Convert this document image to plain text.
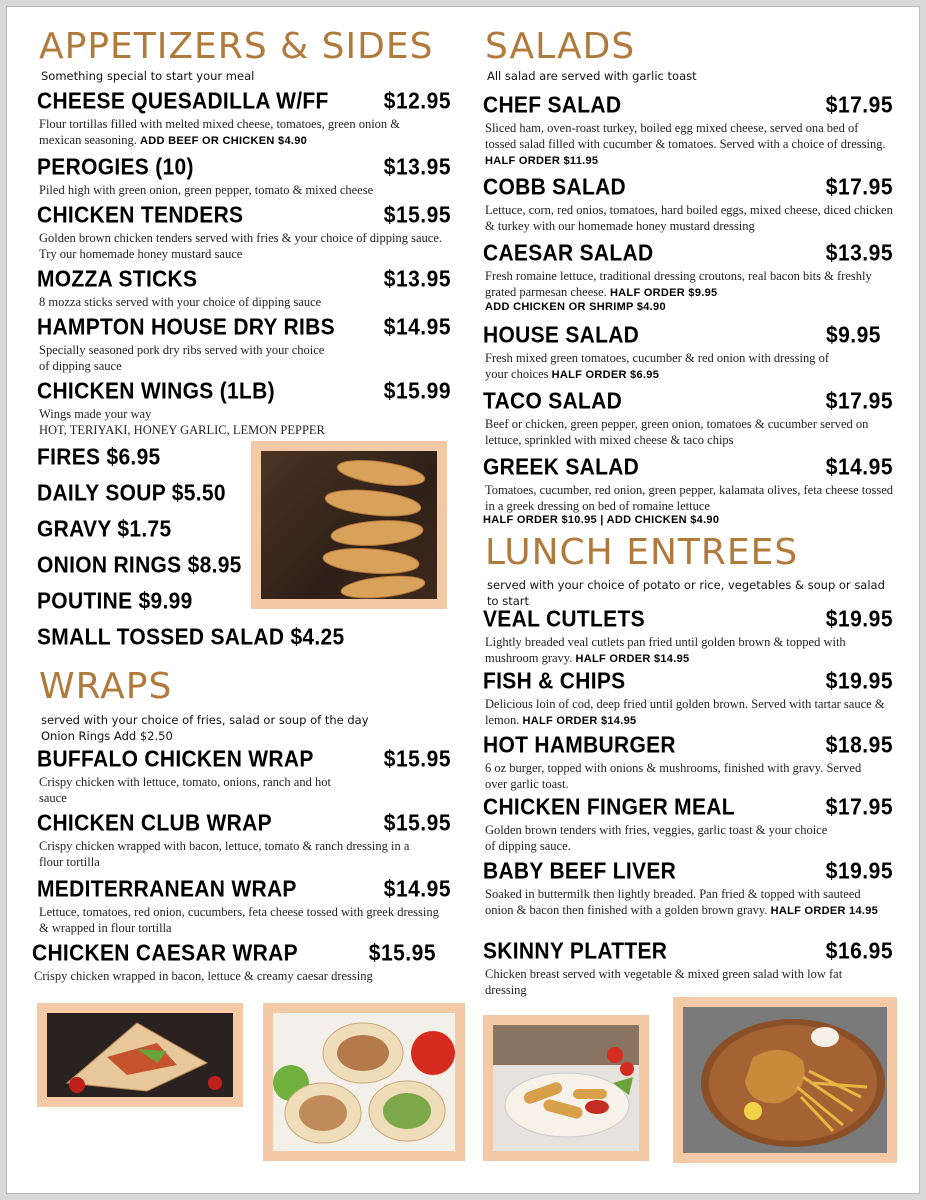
APPETIZERS & SIDES
Something special to start your meal
CHEESE QUESADILLA W/FF	$12.95
Flour tortillas filled with melted mixed cheese, tomatoes, green onion & mexican seasoning. ADD BEEF OR CHICKEN $4.90
PEROGIES (10)	$13.95
Piled high with green onion, green pepper, tomato & mixed cheese
CHICKEN TENDERS	$15.95
Golden brown chicken tenders served with fries & your choice of dipping sauce. Try our homemade honey mustard sauce
MOZZA STICKS	$13.95
8 mozza sticks served with your choice of dipping sauce
HAMPTON HOUSE DRY RIBS $14.95
Specially seasoned pork dry ribs served with your choice of dipping sauce
CHICKEN WINGS (1LB)	$15.99
Wings made your way
HOT, TERIYAKI, HONEY GARLIC, LEMON PEPPER
FIRES $6.95
DAILY SOUP $5.50
GRAVY $1.75
ONION RINGS $8.95
POUTINE $9.99
SMALL TOSSED SALAD $4.25
WRAPS
served with your choice of fries, salad or soup of the day
Onion Rings Add $2.50
BUFFALO CHICKEN WRAP	$15.95
Crispy chicken with lettuce, tomato, onions, ranch and hot sauce
CHICKEN CLUB WRAP	$15.95
Crispy chicken wrapped with bacon, lettuce, tomato & ranch dressing in a flour tortilla
MEDITERRANEAN WRAP	$14.95
Lettuce, tomatoes, red onion, cucumbers, feta cheese tossed with greek dressing & wrapped in flour tortilla
CHICKEN CAESAR WRAP	$15.95
Crispy chicken wrapped in bacon, lettuce & creamy caesar dressing
SALADS
All salad are served with garlic toast
CHEF SALAD	$17.95
Sliced ham, oven-roast turkey, boiled egg mixed cheese, served ona bed of tossed salad filled with cucumber & tomatoes. Served with a choice of dressing. HALF ORDER $11.95
COBB SALAD	$17.95
Lettuce, corn, red onios, tomatoes, hard boiled eggs, mixed cheese, diced chicken & turkey with our homemade honey mustard dressing
CAESAR SALAD	$13.95
Fresh romaine lettuce, traditional dressing croutons, real bacon bits & freshly grated parmesan cheese. HALF ORDER $9.95
ADD CHICKEN OR SHRIMP $4.90
HOUSE SALAD	$9.95
Fresh mixed green tomatoes, cucumber & red onion with dressing of your choices HALF ORDER $6.95
TACO SALAD	$17.95
Beef or chicken, green pepper, green onion, tomatoes & cucumber served on lettuce, sprinkled with mixed cheese & taco chips
GREEK SALAD	$14.95
Tomatoes, cucumber, red onion, green pepper, kalamata olives, feta cheese tossed in a greek dressing on bed of romaine lettuce
HALF ORDER $10.95 | ADD CHICKEN $4.90
LUNCH ENTREES
served with your choice of potato or rice, vegetables & soup or salad to start
VEAL CUTLETS	$19.95
Lightly breaded veal cutlets pan fried until golden brown & topped with mushroom gravy. HALF ORDER $14.95
FISH & CHIPS	$19.95
Delicious loin of cod, deep fried until golden brown. Served with tartar sauce & lemon. HALF ORDER $14.95
HOT HAMBURGER	$18.95
6 oz burger, topped with onions & mushrooms, finished with gravy. Served over garlic toast.
CHICKEN FINGER MEAL	$17.95
Golden brown tenders with fries, veggies, garlic toast & your choice of dipping sauce.
BABY BEEF LIVER	$19.95
Soaked in buttermilk then lightly breaded. Pan fried & topped with sauteed onion & bacon then finished with a golden brown gravy. HALF ORDER 14.95
SKINNY PLATTER	$16.95
Chicken breast served with vegetable & mixed green salad with low fat dressing
